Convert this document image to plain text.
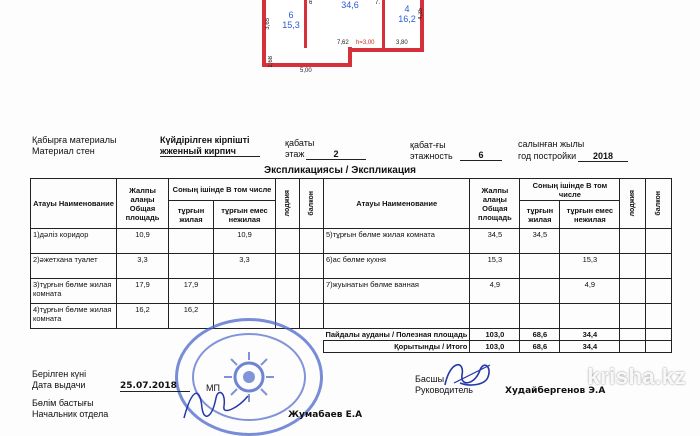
6
15,3
34,6	4
16,2
3,65
4,35
6	7.
7,62 h=3,00	3,80
1,68
5,00
Қабырға материалы
Материал стен
Күйдірілген кірпішті
жженный кирпич
қабаты
этаж	2
қабат-ғы
этажность	6
салынған жылы
год постройки	2018
Экспликациясы / Экспликация
Атауы Наименование	Жалпы алаңы Общая площадь	Соның ішінде В том числе		лоджия	балкон	Атауы Наименование	Жалпы алаңы Общая площадь	Соның ішінде В том числе		лоджия	балкон

		тұрғын жилая	тұрғын емес нежилая					тұрғын жилая	тұрғын емес нежилая		
1)дәліз коридор	10,9		10,9			5)тұрғын бөлме жилая комната	34,5	34,5			
2)әжетхана туалет	3,3		3,3			6)ас бөлме кухня	15,3		15,3		
3)тұрғын бөлме жилая комната	17,9	17,9				7)жуынатын бөлме ванная	4,9		4,9		
4)тұрғын бөлме жилая комната	16,2	16,2									
						Пайдалы ауданы / Полезная площадь	103,0	68,6	34,4		
						Қорытынды / Итого	103,0	68,6	34,4		
Берілген күні
Дата выдачи	25.07.2018	МП
Бөлім бастығы
Начальник отдела	Жумабаев Е.А
Басшы
Руководитель	Худайбергенов Э.А
krisha.kz
